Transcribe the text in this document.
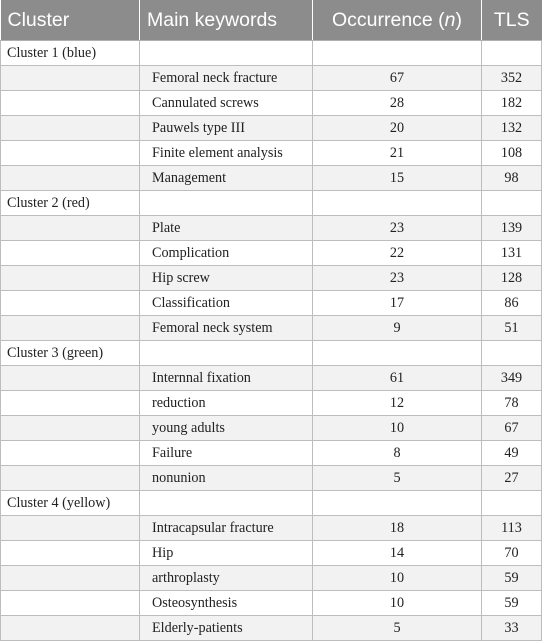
Cluster	Main keywords	Occurrence (n)	TLS
Cluster 1 (blue)			
	Femoral neck fracture	67	352
	Cannulated screws	28	182
	Pauwels type III	20	132
	Finite element analysis	21	108
	Management	15	98
Cluster 2 (red)			
	Plate	23	139
	Complication	22	131
	Hip screw	23	128
	Classification	17	86
	Femoral neck system	9	51
Cluster 3 (green)			
	Internnal fixation	61	349
	reduction	12	78
	young adults	10	67
	Failure	8	49
	nonunion	5	27
Cluster 4 (yellow)			
	Intracapsular fracture	18	113
	Hip	14	70
	arthroplasty	10	59
	Osteosynthesis	10	59
	Elderly-patients	5	33
